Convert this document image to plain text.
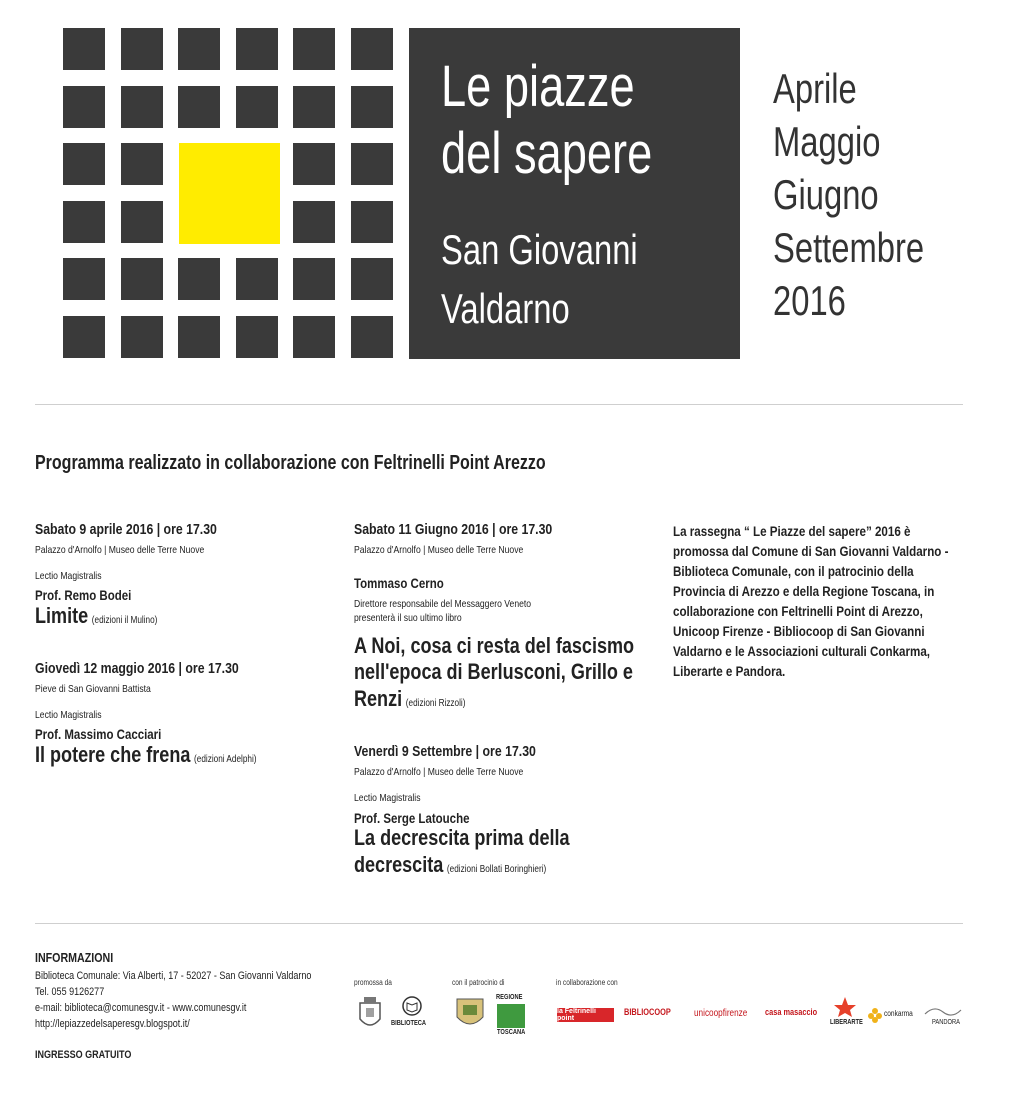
Le piazze
del sapere
San Giovanni
Valdarno
Aprile
Maggio
Giugno
Settembre
2016
Programma realizzato in collaborazione con Feltrinelli Point Arezzo
Sabato 9 aprile 2016 | ore 17.30
Palazzo d'Arnolfo | Museo delle Terre Nuove
Lectio Magistralis
Prof. Remo Bodei
Limite (edizioni il Mulino)
Giovedì 12 maggio 2016 | ore 17.30
Pieve di San Giovanni Battista
Lectio Magistralis
Prof. Massimo Cacciari
Il potere che frena (edizioni Adelphi)
Sabato 11 Giugno 2016 | ore 17.30
Palazzo d'Arnolfo | Museo delle Terre Nuove
Tommaso Cerno
Direttore responsabile del Messaggero Veneto
presenterà il suo ultimo libro
A Noi, cosa ci resta del fascismo
nell'epoca di Berlusconi, Grillo e
Renzi (edizioni Rizzoli)
Venerdì 9 Settembre | ore 17.30
Palazzo d'Arnolfo | Museo delle Terre Nuove
Lectio Magistralis
Prof. Serge Latouche
La decrescita prima della
decrescita (edizioni Bollati Boringhieri)
La rassegna “ Le Piazze del sapere” 2016 è promossa dal Comune di San Giovanni Valdarno - Biblioteca Comunale, con il patrocinio della Provincia di Arezzo e della Regione Toscana, in collaborazione con Feltrinelli Point di Arezzo, Unicoop Firenze - Bibliocoop di San Giovanni Valdarno e le Associazioni culturali Conkarma, Liberarte e Pandora.
INFORMAZIONI
Biblioteca Comunale: Via Alberti, 17 - 52027 - San Giovanni Valdarno
Tel. 055 9126277
e-mail: biblioteca@comunesgv.it - www.comunesgv.it
http://lepiazzedelsaperesgv.blogspot.it/
INGRESSO GRATUITO
promossa da	con il patrocinio di	in collaborazione con
BIBLIOTECA
REGIONE
TOSCANA
la Feltrinelli point
BIBLIOCOOP unicoopfirenze casa masaccio
LIBERARTE
conkarma
PANDORA
